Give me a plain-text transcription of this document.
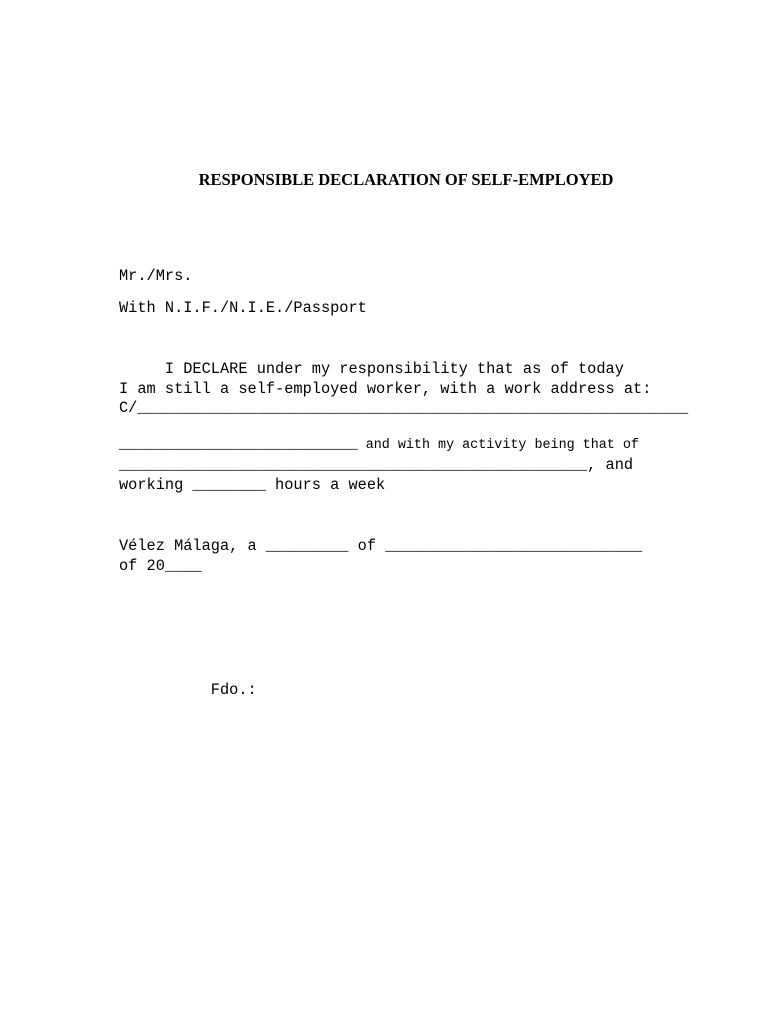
RESPONSIBLE DECLARATION OF SELF-EMPLOYED
Mr./Mrs.
With N.I.F./N.I.E./Passport
I DECLARE under my responsibility that as of today
I am still a self-employed worker, with a work address at:
C/____________________________________________________________
__________________________ and with my activity being that of
___________________________________________________, and
working ________ hours a week
Vélez Málaga, a _________ of ____________________________
of 20____
Fdo.:
